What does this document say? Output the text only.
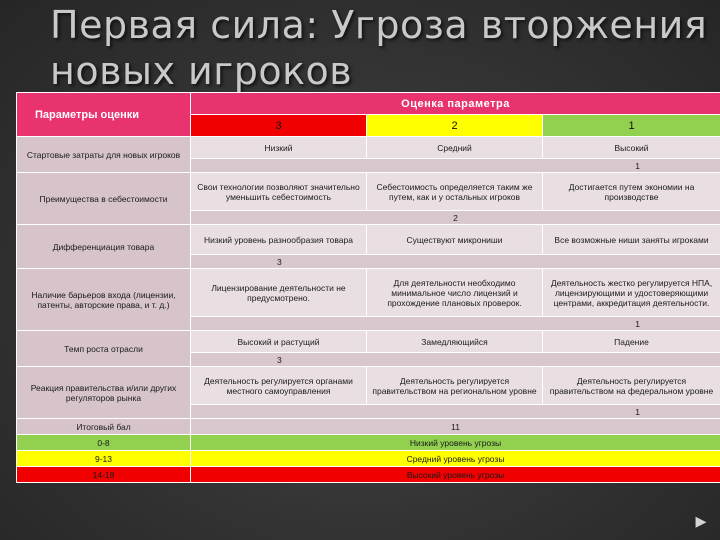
Первая сила: Угроза вторжения новых игроков
Параметры оценки	Оценка параметра		
	3	2	1
Стартовые затраты для новых игроков	Низкий	Средний	Высокий
	1		
Преимущества в себестоимости	Свои технологии позволяют значительно уменьшить себестоимость	Себестоимость определяется таким же путем, как и у остальных игроков	Достигается путем экономии на производстве
	2		
Дифференциация товара	Низкий уровень разнообразия товара	Существуют микрониши	Все возможные ниши заняты игроками
	3		
Наличие барьеров входа (лицензии, патенты, авторские права, и т. д.)	Лицензирование деятельности не предусмотрено.	Для деятельности необходимо минимальное число лицензий и прохождение плановых проверок.	Деятельность жестко регулируется НПА, лицензирующими и удостоверяющими центрами, аккредитация деятельности.
	1		
Темп роста отрасли	Высокий и растущий	Замедляющийся	Падение
	3		
Реакция правительства и/или других регуляторов рынка	Деятельность регулируется органами местного самоуправления	Деятельность регулируется правительством на региональном уровне	Деятельность регулируется правительством на федеральном уровне
	1		
Итоговый бал	11		
0-8	Низкий уровень угрозы		
9-13	Средний уровень угрозы		
14-18	Высокий уровень угрозы		
▸
